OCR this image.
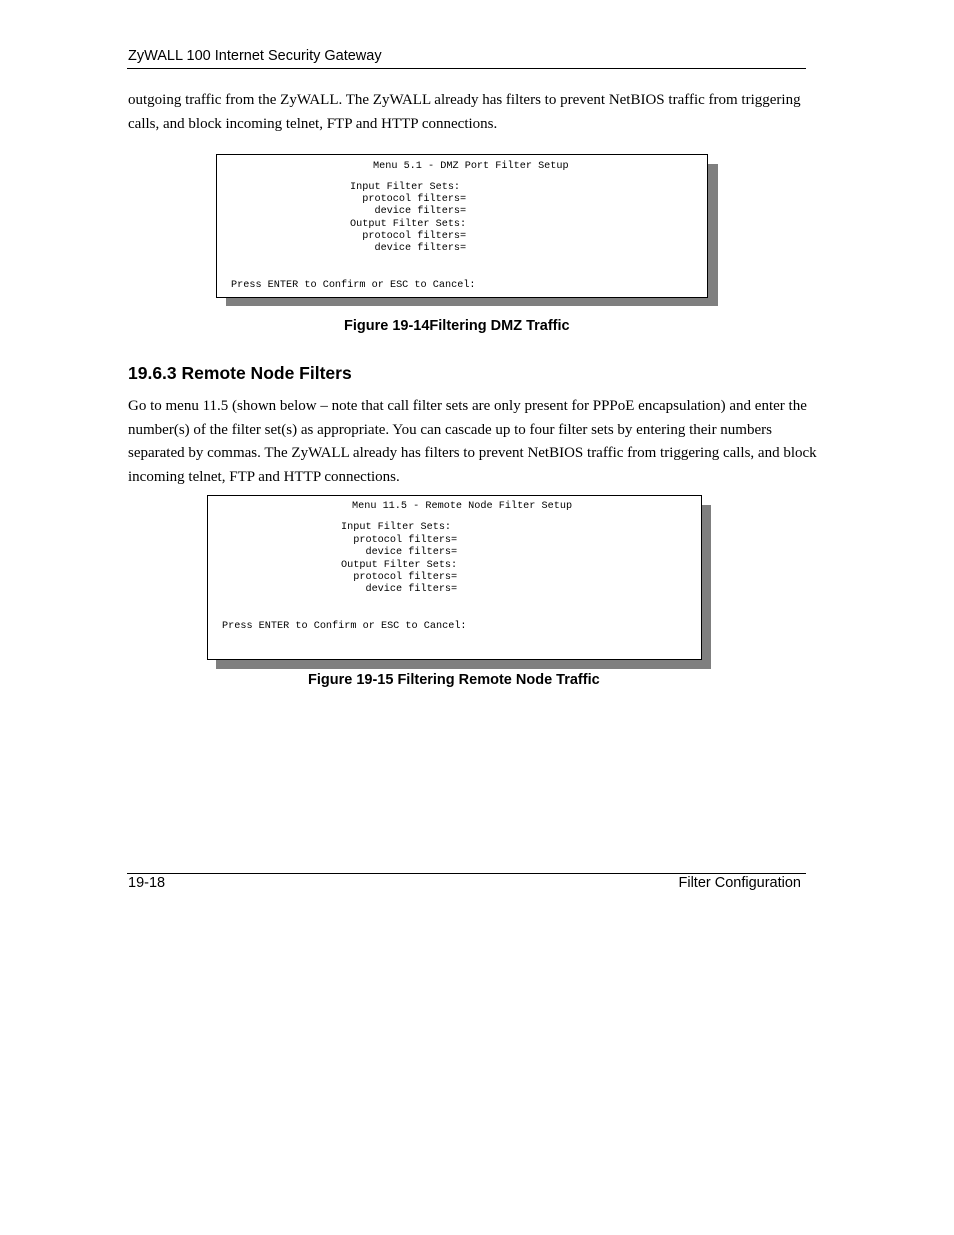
ZyWALL 100 Internet Security Gateway

outgoing traffic from the ZyWALL. The ZyWALL already has filters to prevent NetBIOS traffic from triggering calls, and block incoming telnet, FTP and HTTP connections.

Menu 5.1 - DMZ Port Filter Setup
Input Filter Sets:
protocol filters=
device filters=
Output Filter Sets:
protocol filters=
device filters=
Press ENTER to Confirm or ESC to Cancel:
Figure 19-14Filtering DMZ Traffic
19.6.3 Remote Node Filters

Go to menu 11.5 (shown below – note that call filter sets are only present for PPPoE encapsulation) and enter the number(s) of the filter set(s) as appropriate. You can cascade up to four filter sets by entering their numbers separated by commas. The ZyWALL already has filters to prevent NetBIOS traffic from triggering calls, and block incoming telnet, FTP and HTTP connections.

Menu 11.5 - Remote Node Filter Setup
Input Filter Sets:
protocol filters=
device filters=
Output Filter Sets:
protocol filters=
device filters=
Press ENTER to Confirm or ESC to Cancel:
Figure 19-15 Filtering Remote Node Traffic
19-18	Filter Configuration
